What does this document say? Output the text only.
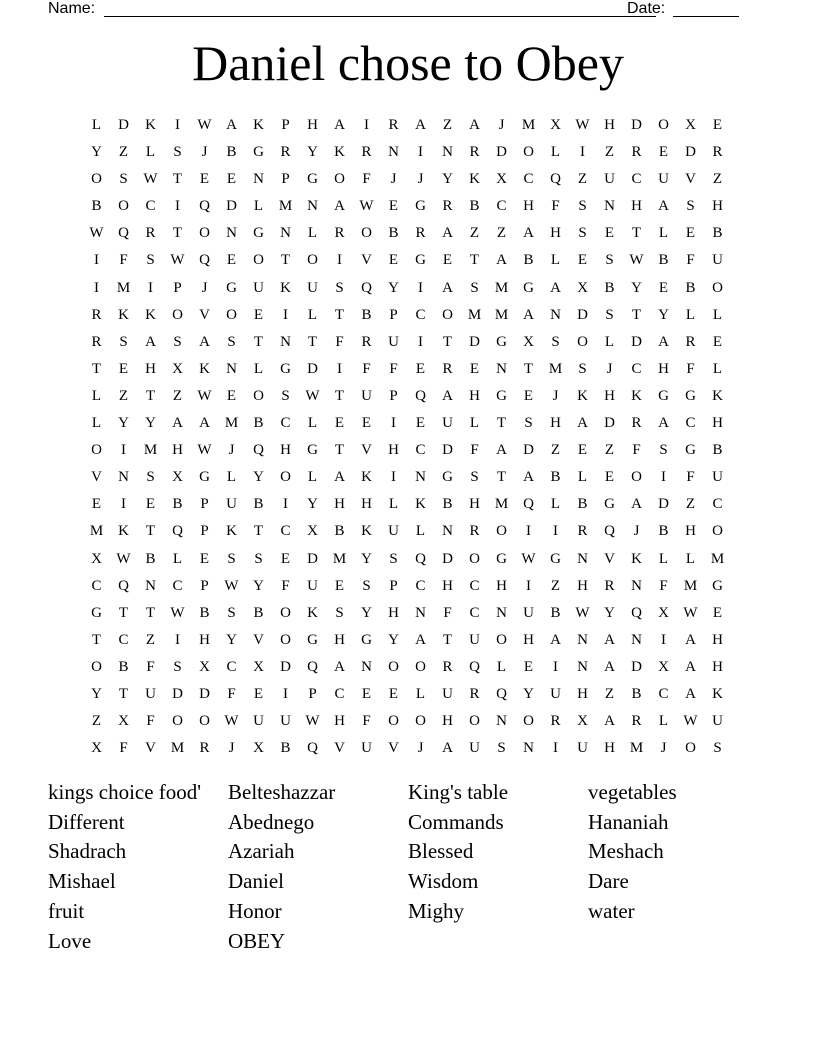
Name:	Date:
Daniel chose to Obey
L	D	K	I	W A	K	P	H	A	I	R	A	Z	A	J	M X W H	D	O	X	E
Y	Z	L	S	J	B	G	R	Y	K	R	N	I	N	R	D	O	L	I	Z	R	E	D	R
O	S	W	T	E	E	N	P	G	O	F	J	J	Y	K	X	C	Q	Z	U	C	U	V	Z
B	O	C	I	Q	D	L	M N	A W	E	G	R	B	C	H	F	S	N	H	A	S	H
W Q	R	T	O	N	G	N	L	R	O	B	R	A	Z	Z	A	H	S	E	T	L	E	B
I	F	S	W Q	E	O	T	O	I	V	E	G	E	T	A	B	L	E	S	W B	F	U
I	M	I	P	J	G	U	K	U	S	Q	Y	I	A	S	M G	A	X	B	Y	E	B	O
R	K	K	O	V	O	E	I	L	T	B	P	C	O M M A	N	D	S	T	Y	L	L
R	S	A	S	A	S	T	N	T	F	R	U	I	T	D	G	X	S	O	L	D	A	R	E
T	E	H	X	K	N	L	G	D	I	F	F	E	R	E	N	T	M	S	J	C	H	F	L
L	Z	T	Z	W	E	O	S	W	T	U	P	Q	A	H	G	E	J	K	H	K	G	G	K
L	Y	Y	A	A M	B	C	L	E	E	I	E	U	L	T	S	H	A	D	R	A	C	H
O	I	M H W	J	Q	H	G	T	V	H	C	D	F	A	D	Z	E	Z	F	S	G	B
V	N	S	X	G	L	Y	O	L	A	K	I	N	G	S	T	A	B	L	E	O	I	F	U
E	I	E	B	P	U	B	I	Y	H	H	L	K	B	H M Q	L	B	G	A	D	Z	C
M K	T	Q	P	K	T	C	X	B	K	U	L	N	R	O	I	I	R	Q	J	B	H	O
X W B	L	E	S	S	E	D M Y	S	Q	D	O	G W G	N	V	K	L	L	M
C	Q	N	C	P	W Y	F	U	E	S	P	C	H	C	H	I	Z	H	R	N	F	M G
G	T	T	W B	S	B	O	K	S	Y	H	N	F	C	N	U	B W Y	Q	X W	E
T	C	Z	I	H	Y	V	O	G	H	G	Y	A	T	U	O	H	A	N	A	N	I	A	H
O	B	F	S	X	C	X	D	Q	A	N	O	O	R	Q	L	E	I	N	A	D	X	A	H
Y	T	U	D	D	F	E	I	P	C	E	E	L	U	R	Q	Y	U	H	Z	B	C	A	K
Z	X	F	O	O W U	U W H	F	O	O	H	O	N	O	R	X	A	R	L	W U
X	F	V M	R	J	X	B	Q	V	U	V	J	A	U	S	N	I	U	H M	J	O	S
kings choice food'	Belteshazzar	King's table	vegetables
Different	Abednego	Commands	Hananiah
Shadrach	Azariah	Blessed	Meshach
Mishael	Daniel	Wisdom	Dare
fruit	Honor	Mighy	water
Love	OBEY
